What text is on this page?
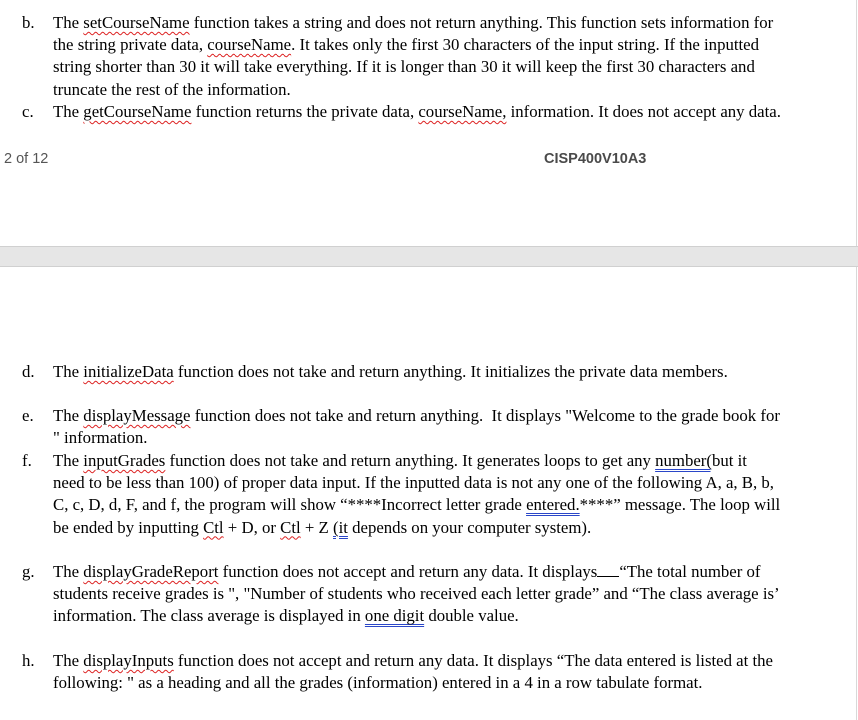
b.	The setCourseName function takes a string and does not return anything. This function sets information for the string private data, courseName. It takes only the first 30 characters of the input string. If the inputted string shorter than 30 it will take everything. If it is longer than 30 it will keep the first 30 characters and truncate the rest of the information.
c.	The getCourseName function returns the private data, courseName, information. It does not accept any data.
2 of 12	CISP400V10A3
d.	The initializeData function does not take and return anything. It initializes the private data members.
e.	The displayMessage function does not take and return anything.  It displays "Welcome to the grade book for      " information.
f.	The inputGrades function does not take and return anything. It generates loops to get any number(but it need to be less than 100) of proper data input. If the inputted data is not any one of the following A, a, B, b, C, c, D, d, F, and f, the program will show “****Incorrect letter grade entered.****” message. The loop will be ended by inputting Ctl + D, or Ctl + Z (it depends on your computer system).
g.	The displayGradeReport function does not accept and return any data. It displays “The total number of students receive grades is ", "Number of students who received each letter grade” and “The class average is’ information. The class average is displayed in one digit double value.
h.	The displayInputs function does not accept and return any data. It displays “The data entered is listed at the following: " as a heading and all the grades (information) entered in a 4 in a row tabulate format.
